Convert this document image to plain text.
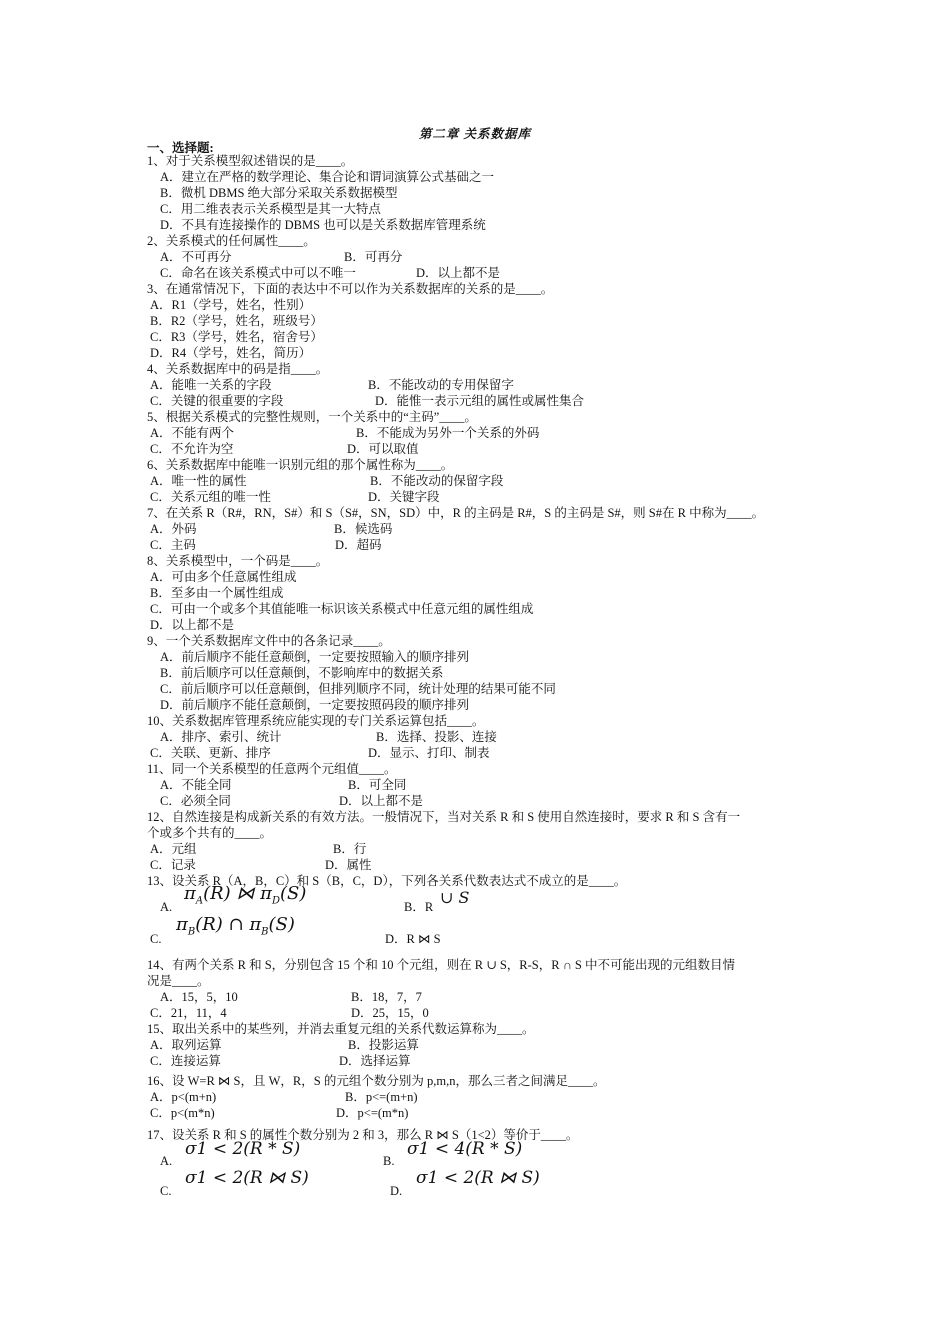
第二章 关系数据库
一、选择题:
1、对于关系模型叙述错误的是____。
A．建立在严格的数学理论、集合论和谓词演算公式基础之一
B．微机 DBMS 绝大部分采取关系数据模型
C．用二维表表示关系模型是其一大特点
D．不具有连接操作的 DBMS 也可以是关系数据库管理系统
2、关系模式的任何属性____。
A．不可再分
C．命名在该关系模式中可以不唯一
3、在通常情况下，下面的表达中不可以作为关系数据库的关系的是____。
A．R1（学号，姓名，性别）
B．R2（学号，姓名，班级号）
C．R3（学号，姓名，宿舍号）
D．R4（学号，姓名，简历）
4、关系数据库中的码是指____。
A．能唯一关系的字段
C．关键的很重要的字段
5、根据关系模式的完整性规则，一个关系中的“主码”____。
A．不能有两个
C．不允许为空
6、关系数据库中能唯一识别元组的那个属性称为____。
A．唯一性的属性
C．关系元组的唯一性
7、在关系 R（R#，RN，S#）和 S（S#，SN，SD）中，R 的主码是 R#，S 的主码是 S#，则 S#在 R 中称为____。
A．外码
C．主码
8、关系模型中，一个码是____。
A．可由多个任意属性组成
B．至多由一个属性组成
C．可由一个或多个其值能唯一标识该关系模式中任意元组的属性组成
D．以上都不是
9、一个关系数据库文件中的各条记录____。
A．前后顺序不能任意颠倒，一定要按照输入的顺序排列
B．前后顺序可以任意颠倒，不影响库中的数据关系
C．前后顺序可以任意颠倒，但排列顺序不同，统计处理的结果可能不同
D．前后顺序不能任意颠倒，一定要按照码段的顺序排列
10、关系数据库管理系统应能实现的专门关系运算包括____。
A．排序、索引、统计
C．关联、更新、排序
11、同一个关系模型的任意两个元组值____。
A．不能全同
C．必须全同
12、自然连接是构成新关系的有效方法。一般情况下，当对关系 R 和 S 使用自然连接时，要求 R 和 S 含有一
个或多个共有的____。
A．元组
C．记录
13、设关系 R（A，B，C）和 S（B，C，D），下列各关系代数表达式不成立的是____。
14、有两个关系 R 和 S，分别包含 15 个和 10 个元组，则在 R ∪ S，R-S，R ∩ S 中不可能出现的元组数目情
况是____。
A．15，5，10
C．21，11，4
15、取出关系中的某些列，并消去重复元组的关系代数运算称为____。
A．取列运算
C．连接运算
16、设 W=R ⋈ S，且 W，R，S 的元组个数分别为 p,m,n，那么三者之间满足____。
A．p<(m+n)
C．p<(m*n)
17、设关系 R 和 S 的属性个数分别为 2 和 3，那么 R ⋈ S（1<2）等价于____。
B．可再分
D．以上都不是
B．不能改动的专用保留字
D．能惟一表示元组的属性或属性集合
B．不能成为另外一个关系的外码
D．可以取值
B．不能改动的保留字段
D．关键字段
B．候选码
D．超码
B．选择、投影、连接
D．显示、打印、制表
B．可全同
D．以上都不是
B．行
D．属性
B．18，7，7
D．25，15，0
B．投影运算
D．选择运算
B．p<=(m+n)
D．p<=(m*n)
A.
$\pi_A(R)$ ⋈ $\pi_D(S)$
B．R ∪ S
C.
$\pi_B(R)$ ∩ $\pi_B(S)$
D．R ⋈ S
A.
σ1 < 2(R * S)
B.
σ1 < 4(R * S)
C.
σ1 < 2(R ⋈ S)
D.
σ1 < 2(R ⋈ S)
